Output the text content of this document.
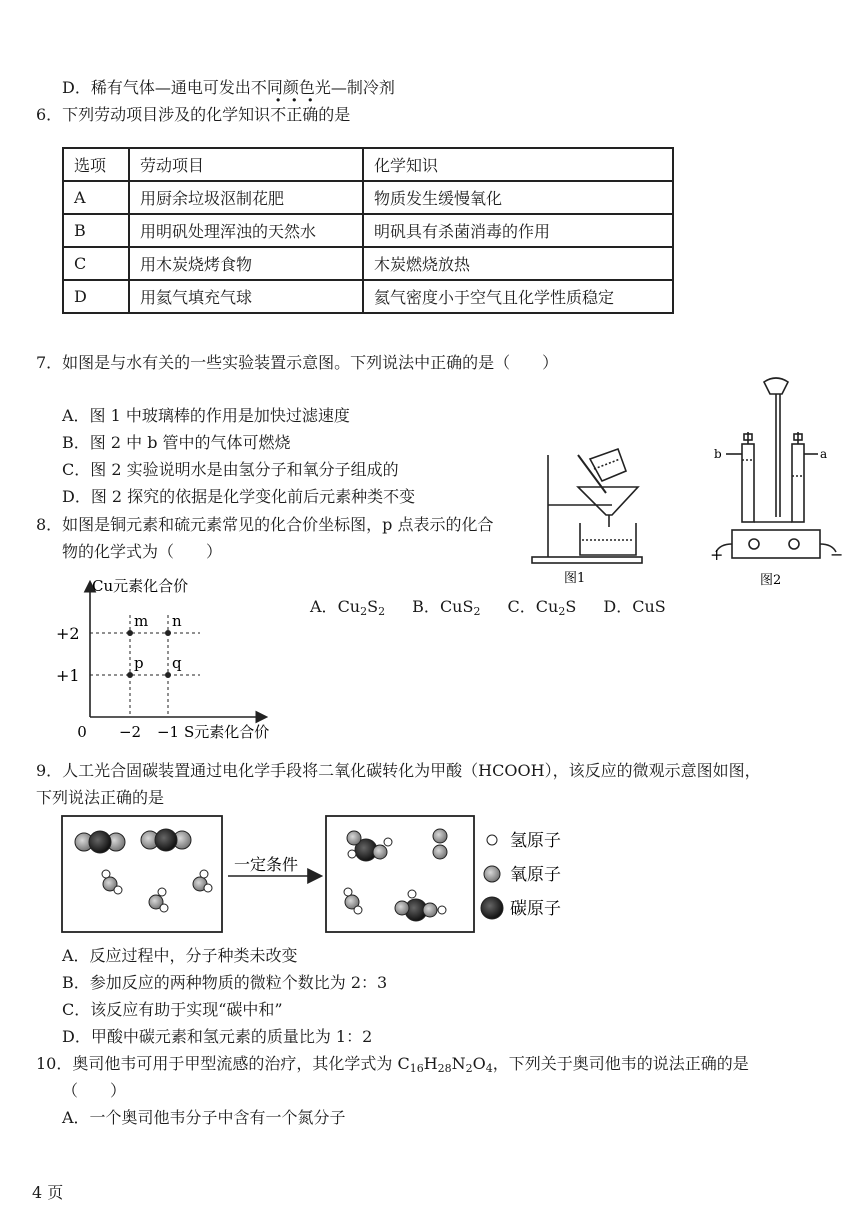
D．稀有气体—通电可发出不同颜色光—制冷剂
6．下列劳动项目涉及的化学知识不正确的是
选项	劳动项目	化学知识
A	用厨余垃圾沤制花肥	物质发生缓慢氧化
B	用明矾处理浑浊的天然水	明矾具有杀菌消毒的作用
C	用木炭烧烤食物	木炭燃烧放热
D	用氦气填充气球	氦气密度小于空气且化学性质稳定
7．如图是与水有关的一些实验装置示意图。下列说法中正确的是（　　）
A．图 1 中玻璃棒的作用是加快过滤速度
B．图 2 中 b 管中的气体可燃烧
C．图 2 实验说明水是由氢分子和氧分子组成的
D．图 2 探究的依据是化学变化前后元素种类不变
图1
b	a
+	−
图2
8．如图是铜元素和硫元素常见的化合价坐标图，p 点表示的化合
物的化学式为（　　）
Cu元素化合价
S元素化合价
0 −2 −1
+1
+2
m n
p q
A．$Cu_2S_2$ B．CuS$_2$ C．$Cu_2S$ D．CuS
9．人工光合固碳装置通过电化学手段将二氧化碳转化为甲酸（HCOOH），该反应的微观示意图如图，
下列说法正确的是
一定条件
氢原子
氧原子
碳原子
A．反应过程中，分子种类未改变
B．参加反应的两种物质的微粒个数比为 2：3
C．该反应有助于实现“碳中和”
D．甲酸中碳元素和氢元素的质量比为 1：2
10．奥司他韦可用于甲型流感的治疗，其化学式为 $C_{16}H_{28}N_2O_4$，下列关于奥司他韦的说法正确的是
（　　）
A．一个奥司他韦分子中含有一个氮分子
4 页
